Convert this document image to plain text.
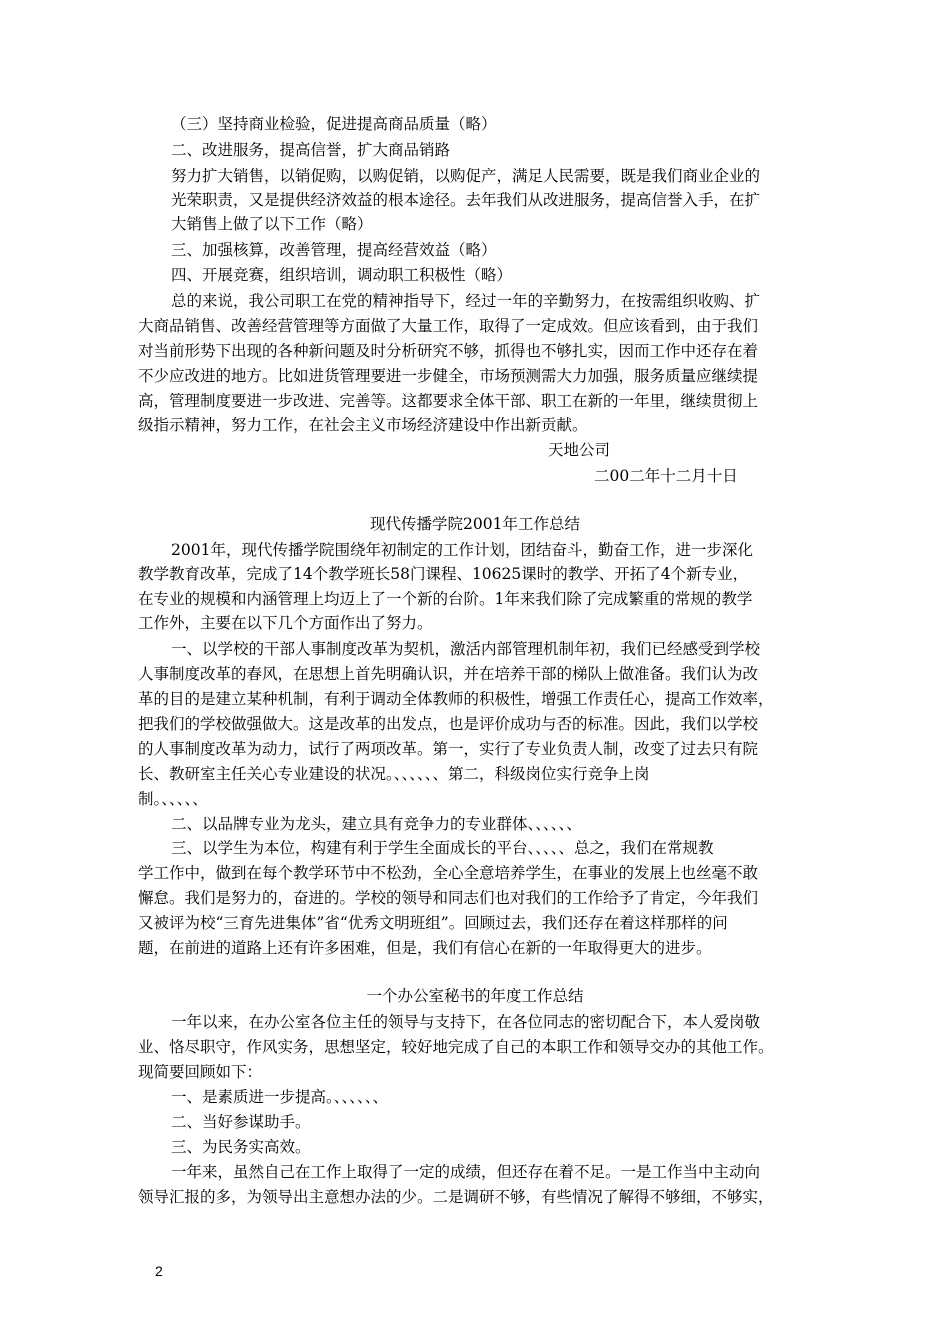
（三）坚持商业检验，促进提高商品质量（略）
二、改进服务，提高信誉，扩大商品销路
努力扩大销售，以销促购，以购促销，以购促产，满足人民需要，既是我们商业企业的
光荣职责，又是提供经济效益的根本途径。去年我们从改进服务，提高信誉入手，在扩
大销售上做了以下工作（略）
三、加强核算，改善管理，提高经营效益（略）
四、开展竞赛，组织培训，调动职工积极性（略）
总的来说，我公司职工在党的精神指导下，经过一年的辛勤努力，在按需组织收购、扩
大商品销售、改善经营管理等方面做了大量工作，取得了一定成效。但应该看到，由于我们
对当前形势下出现的各种新问题及时分析研究不够，抓得也不够扎实，因而工作中还存在着
不少应改进的地方。比如进货管理要进一步健全，市场预测需大力加强，服务质量应继续提
高，管理制度要进一步改进、完善等。这都要求全体干部、职工在新的一年里，继续贯彻上
级指示精神，努力工作，在社会主义市场经济建设中作出新贡献。
天地公司
二00二年十二月十日
现代传播学院2001年工作总结
2001年，现代传播学院围绕年初制定的工作计划，团结奋斗，勤奋工作，进一步深化
教学教育改革，完成了14个教学班长58门课程、10625课时的教学、开拓了4个新专业，
在专业的规模和内涵管理上均迈上了一个新的台阶。1年来我们除了完成繁重的常规的教学
工作外，主要在以下几个方面作出了努力。
一、以学校的干部人事制度改革为契机，激活内部管理机制年初，我们已经感受到学校
人事制度改革的春风，在思想上首先明确认识，并在培养干部的梯队上做准备。我们认为改
革的目的是建立某种机制，有利于调动全体教师的积极性，增强工作责任心，提高工作效率，
把我们的学校做强做大。这是改革的出发点，也是评价成功与否的标准。因此，我们以学校
的人事制度改革为动力，试行了两项改革。第一，实行了专业负责人制，改变了过去只有院
长、教研室主任关心专业建设的状况。、、、、、、第二，科级岗位实行竞争上岗
制。、、、、、
二、以品牌专业为龙头，建立具有竞争力的专业群体、、、、、、
三、以学生为本位，构建有利于学生全面成长的平台、、、、、总之，我们在常规教
学工作中，做到在每个教学环节中不松劲，全心全意培养学生，在事业的发展上也丝毫不敢
懈怠。我们是努力的，奋进的。学校的领导和同志们也对我们的工作给予了肯定，今年我们
又被评为校“三育先进集体”省“优秀文明班组”。回顾过去，我们还存在着这样那样的问
题，在前进的道路上还有许多困难，但是，我们有信心在新的一年取得更大的进步。
一个办公室秘书的年度工作总结
一年以来，在办公室各位主任的领导与支持下，在各位同志的密切配合下，本人爱岗敬
业、恪尽职守，作风实务，思想坚定，较好地完成了自己的本职工作和领导交办的其他工作。
现简要回顾如下：
一、是素质进一步提高。、、、、、、
二、当好参谋助手。
三、为民务实高效。
一年来，虽然自己在工作上取得了一定的成绩，但还存在着不足。一是工作当中主动向
领导汇报的多，为领导出主意想办法的少。二是调研不够，有些情况了解得不够细，不够实，
2
